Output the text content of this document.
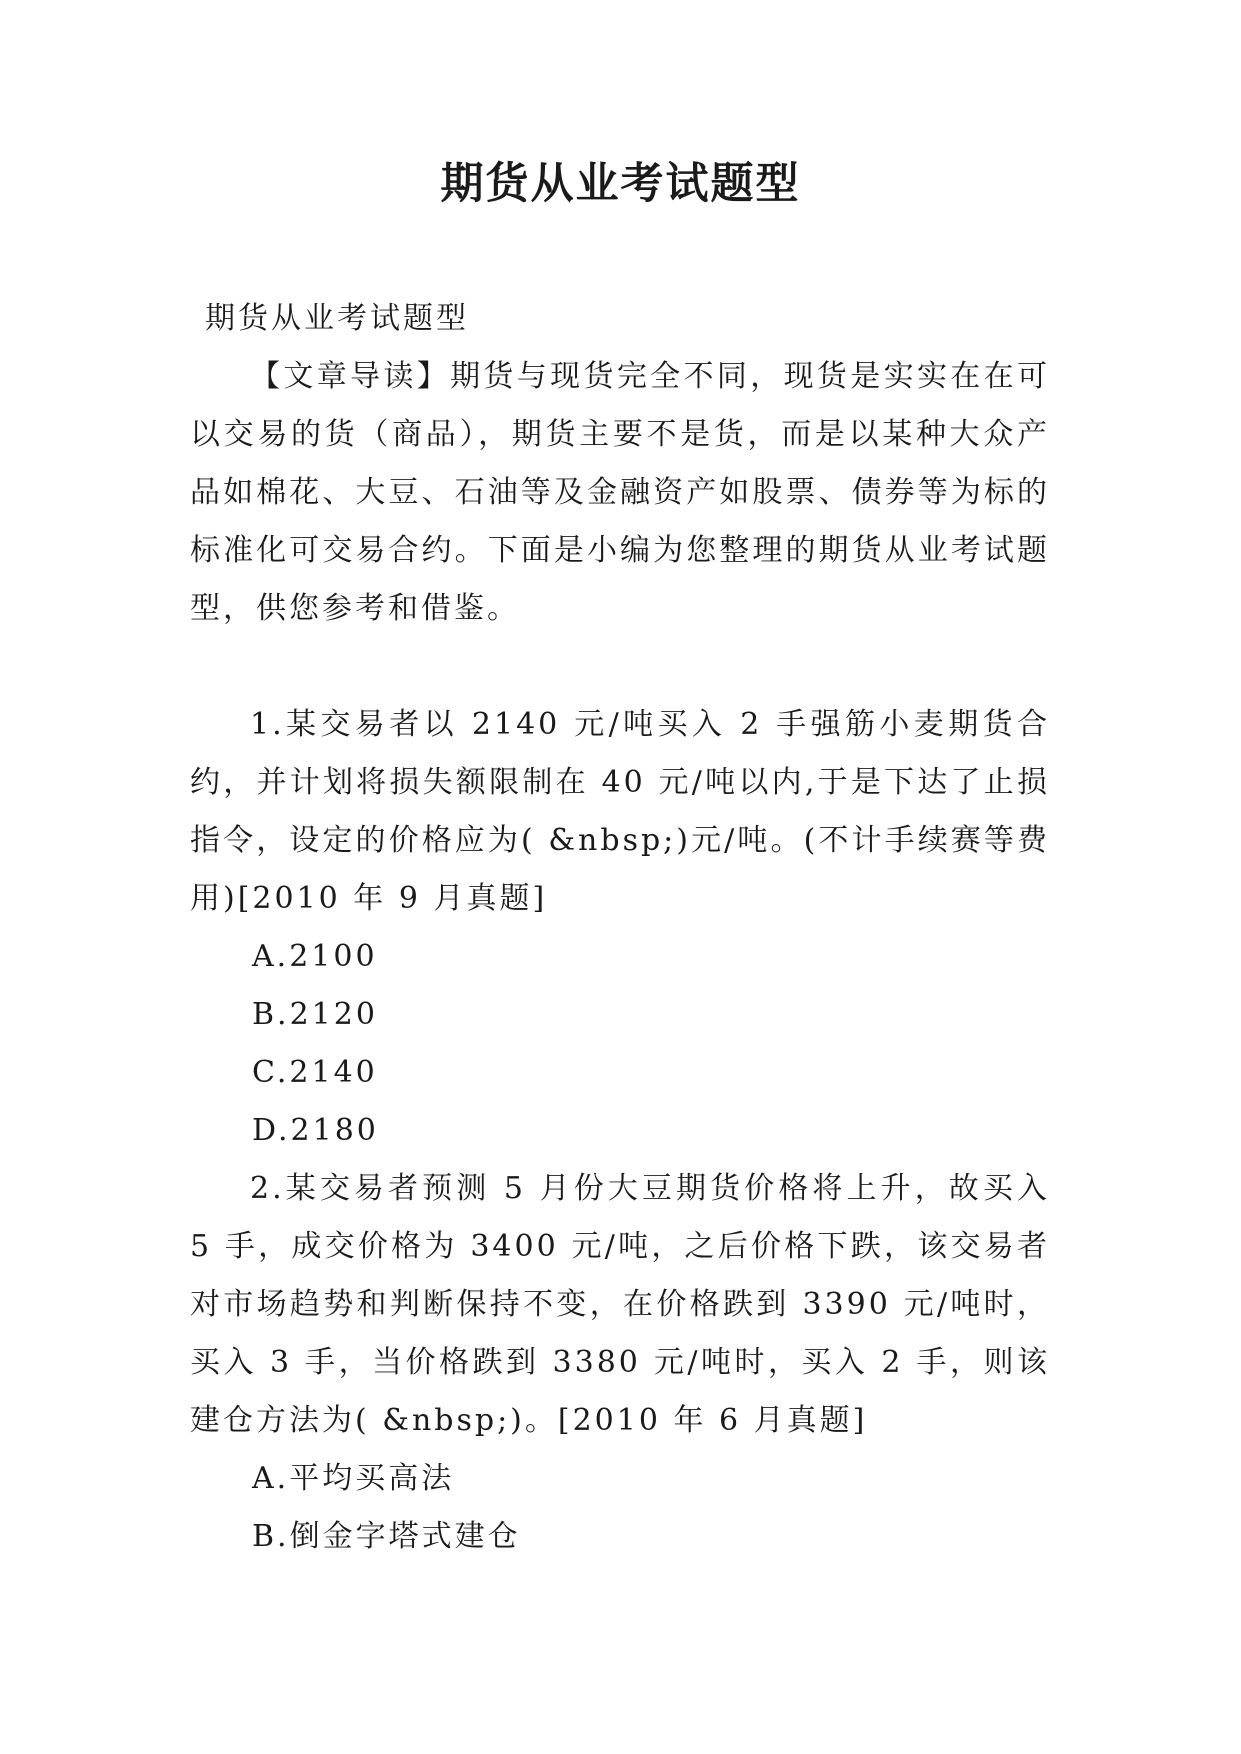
期货从业考试题型

期货从业考试题型

【文章导读】期货与现货完全不同，现货是实实在在可以交易的货（商品），期货主要不是货，而是以某种大众产品如棉花、大豆、石油等及金融资产如股票、债券等为标的标准化可交易合约。下面是小编为您整理的期货从业考试题型，供您参考和借鉴。

1.某交易者以 2140 元/吨买入 2 手强筋小麦期货合约，并计划将损失额限制在 40 元/吨以内,于是下达了止损指令，设定的价格应为( &nbsp;)元/吨。(不计手续赛等费用)[2010 年 9 月真题]

A.2100

B.2120

C.2140

D.2180

2.某交易者预测 5 月份大豆期货价格将上升，故买入 5 手，成交价格为 3400 元/吨，之后价格下跌，该交易者对市场趋势和判断保持不变，在价格跌到 3390 元/吨时，买入 3 手，当价格跌到 3380 元/吨时，买入 2 手，则该建仓方法为( &nbsp;)。[2010 年 6 月真题]

A.平均买高法

B.倒金字塔式建仓
